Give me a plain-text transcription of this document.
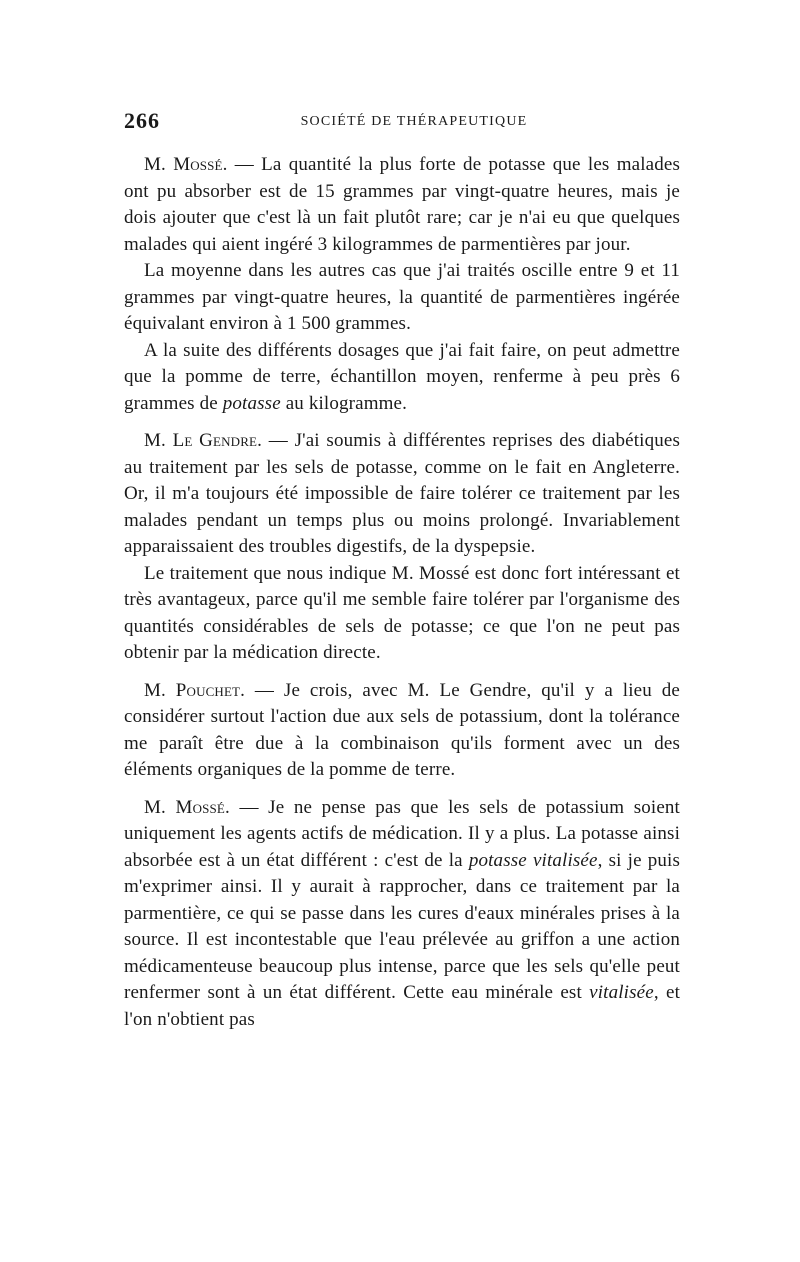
266	SOCIÉTÉ DE THÉRAPEUTIQUE

M. Mossé. — La quantité la plus forte de potasse que les malades ont pu absorber est de 15 grammes par vingt-quatre heures, mais je dois ajouter que c'est là un fait plutôt rare; car je n'ai eu que quelques malades qui aient ingéré 3 kilogrammes de parmentières par jour.

La moyenne dans les autres cas que j'ai traités oscille entre 9 et 11 grammes par vingt-quatre heures, la quantité de parmentières ingérée équivalant environ à 1 500 grammes.

A la suite des différents dosages que j'ai fait faire, on peut admettre que la pomme de terre, échantillon moyen, renferme à peu près 6 grammes de potasse au kilogramme.

M. Le Gendre. — J'ai soumis à différentes reprises des diabétiques au traitement par les sels de potasse, comme on le fait en Angleterre. Or, il m'a toujours été impossible de faire tolérer ce traitement par les malades pendant un temps plus ou moins prolongé. Invariablement apparaissaient des troubles digestifs, de la dyspepsie.

Le traitement que nous indique M. Mossé est donc fort intéressant et très avantageux, parce qu'il me semble faire tolérer par l'organisme des quantités considérables de sels de potasse; ce que l'on ne peut pas obtenir par la médication directe.

M. Pouchet. — Je crois, avec M. Le Gendre, qu'il y a lieu de considérer surtout l'action due aux sels de potassium, dont la tolérance me paraît être due à la combinaison qu'ils forment avec un des éléments organiques de la pomme de terre.

M. Mossé. — Je ne pense pas que les sels de potassium soient uniquement les agents actifs de médication. Il y a plus. La potasse ainsi absorbée est à un état différent : c'est de la potasse vitalisée, si je puis m'exprimer ainsi. Il y aurait à rapprocher, dans ce traitement par la parmentière, ce qui se passe dans les cures d'eaux minérales prises à la source. Il est incontestable que l'eau prélevée au griffon a une action médicamenteuse beaucoup plus intense, parce que les sels qu'elle peut renfermer sont à un état différent. Cette eau minérale est vitalisée, et l'on n'obtient pas
